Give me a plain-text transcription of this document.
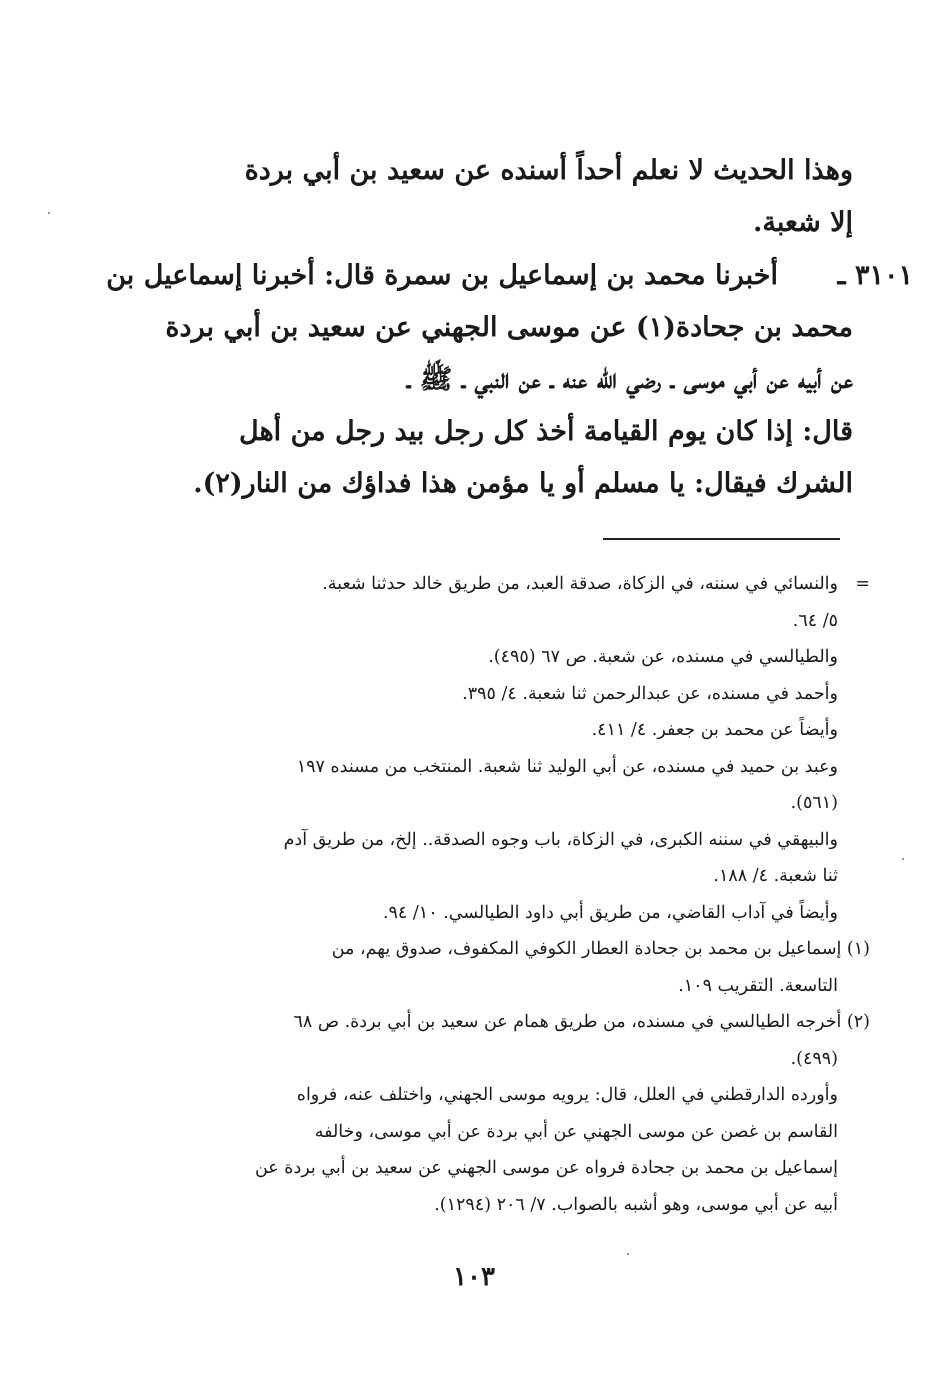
وهذا الحديث لا نعلم أحداً أسنده عن سعيد بن أبي بردة

إلا شعبة.

٣١٠١ ـ
أخبرنا محمد بن إسماعيل بن سمرة قال: أخبرنا إسماعيل بن
محمد بن جحادة(١) عن موسى الجهني عن سعيد بن أبي بردة
عن أبيه عن أبي موسى ـ رضي الله عنه ـ عن النبي ـ ﷺ ـ
قال: إذا كان يوم القيامة أخذ كل رجل بيد رجل من أهل
الشرك فيقال: يا مسلم أو يا مؤمن هذا فداؤك من النار(٢).
=
والنسائي في سننه، في الزكاة، صدقة العبد، من طريق خالد حدثنا شعبة.
٥/ ٦٤.
والطيالسي في مسنده، عن شعبة. ص ٦٧ (٤٩٥).
وأحمد في مسنده، عن عبدالرحمن ثنا شعبة. ٤/ ٣٩٥.
وأيضاً عن محمد بن جعفر. ٤/ ٤١١.
وعبد بن حميد في مسنده، عن أبي الوليد ثنا شعبة. المنتخب من مسنده ١٩٧
(٥٦١).
والبيهقي في سننه الكبرى، في الزكاة، باب وجوه الصدقة.. إلخ، من طريق آدم
ثنا شعبة. ٤/ ١٨٨.
وأيضاً في آداب القاضي، من طريق أبي داود الطيالسي. ١٠/ ٩٤.
(١) إسماعيل بن محمد بن جحادة العطار الكوفي المكفوف، صدوق يهم، من
التاسعة. التقريب ١٠٩.
(٢) أخرجه الطيالسي في مسنده، من طريق همام عن سعيد بن أبي بردة. ص ٦٨
(٤٩٩).
وأورده الدارقطني في العلل، قال: يرويه موسى الجهني، واختلف عنه، فرواه
القاسم بن غصن عن موسى الجهني عن أبي بردة عن أبي موسى، وخالفه
إسماعيل بن محمد بن جحادة فرواه عن موسى الجهني عن سعيد بن أبي بردة عن
أبيه عن أبي موسى، وهو أشبه بالصواب. ٧/ ٢٠٦ (١٢٩٤).
١٠٣
